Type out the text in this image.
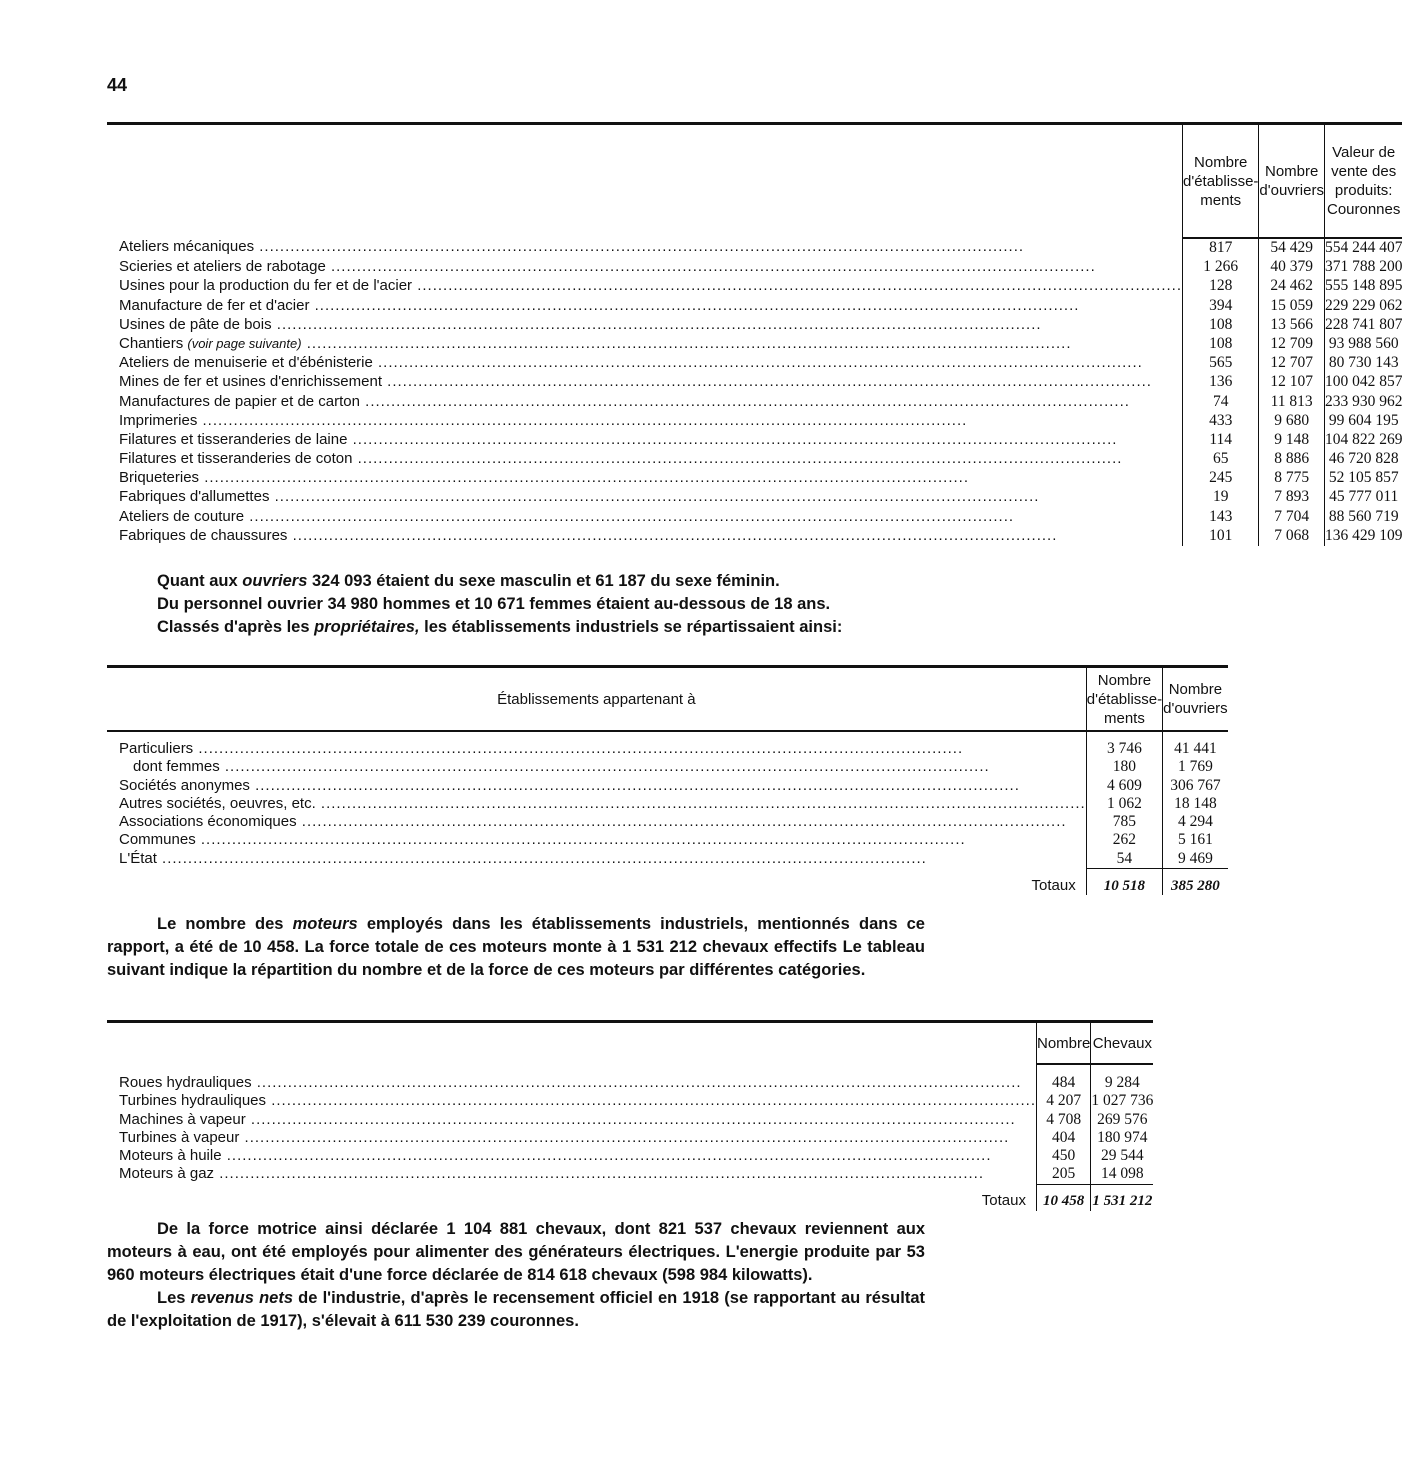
44
	Nombre d'établisse-ments	Nombre d'ouvriers	Valeur de vente des produits: Couronnes

Ateliers mécaniques .....	817	54 429	554 244 407
Scieries et ateliers de rabotage .....	1 266	40 379	371 788 200
Usines pour la production du fer et de l'acier .....	128	24 462	555 148 895
Manufacture de fer et d'acier .....	394	15 059	229 229 062
Usines de pâte de bois .....	108	13 566	228 741 807
Chantiers (voir page suivante) .....	108	12 709	93 988 560
Ateliers de menuiserie et d'ébénisterie .....	565	12 707	80 730 143
Mines de fer et usines d'enrichissement .....	136	12 107	100 042 857
Manufactures de papier et de carton .....	74	11 813	233 930 962
Imprimeries .....	433	9 680	99 604 195
Filatures et tisseranderies de laine .....	114	9 148	104 822 269
Filatures et tisseranderies de coton .....	65	8 886	46 720 828
Briqueteries .....	245	8 775	52 105 857
Fabriques d'allumettes .....	19	7 893	45 777 011
Ateliers de couture .....	143	7 704	88 560 719
Fabriques de chaussures .....	101	7 068	136 429 109

Quant aux ouvriers 324 093 étaient du sexe masculin et 61 187 du sexe féminin.

Du personnel ouvrier 34 980 hommes et 10 671 femmes étaient au-dessous de 18 ans.

Classés d'après les propriétaires, les établissements industriels se répartissaient ainsi:

Établissements appartenant à	Nombre d'établisse-ments	Nombre d'ouvriers

Particuliers .....	3 746	41 441
dont femmes .....	180	1 769
Sociétés anonymes .....	4 609	306 767
Autres sociétés, oeuvres, etc. .....	1 062	18 148
Associations économiques .....	785	4 294
Communes .....	262	5 161
L'État .....	54	9 469

Totaux	10 518	385 280

Le nombre des moteurs employés dans les établissements industriels, mentionnés dans ce rapport, a été de 10 458. La force totale de ces moteurs monte à 1 531 212 chevaux effectifs Le tableau suivant indique la répartition du nombre et de la force de ces moteurs par différentes catégories.

	Nombre	Chevaux

Roues hydrauliques .....	484	9 284
Turbines hydrauliques .....	4 207	1 027 736
Machines à vapeur .....	4 708	269 576
Turbines à vapeur .....	404	180 974
Moteurs à huile .....	450	29 544
Moteurs à gaz .....	205	14 098

Totaux	10 458	1 531 212

De la force motrice ainsi déclarée 1 104 881 chevaux, dont 821 537 chevaux reviennent aux moteurs à eau, ont été employés pour alimenter des générateurs électriques. L'energie produite par 53 960 moteurs électriques était d'une force déclarée de 814 618 chevaux (598 984 kilowatts).

Les revenus nets de l'industrie, d'après le recensement officiel en 1918 (se rapportant au résultat de l'exploitation de 1917), s'élevait à 611 530 239 couronnes.
